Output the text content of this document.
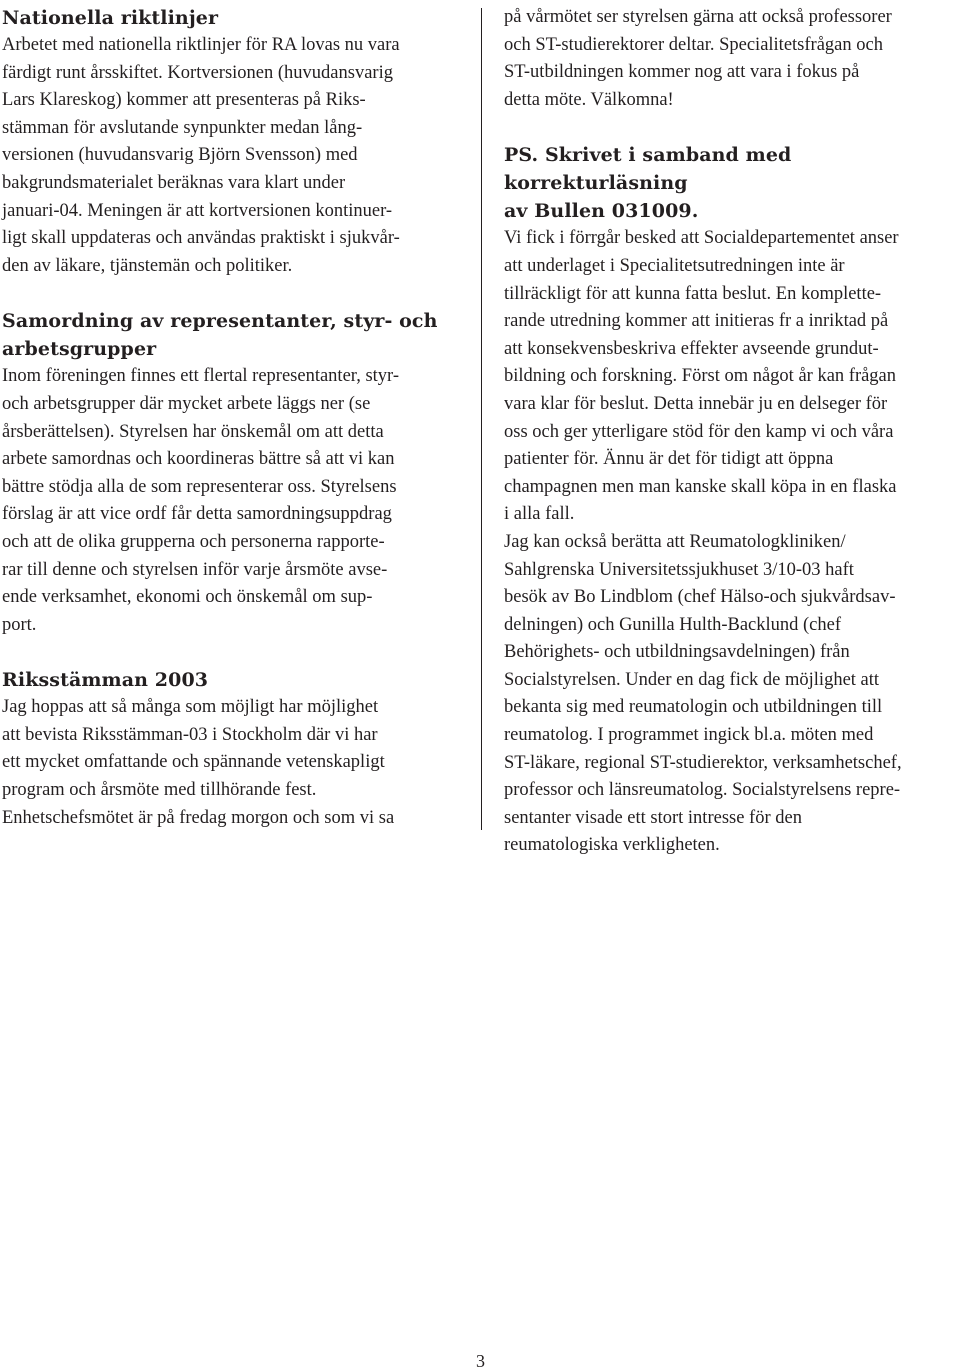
Nationella riktlinjer
Arbetet med nationella riktlinjer för RA lovas nu vara
färdigt runt årsskiftet. Kortversionen (huvudansvarig
Lars Klareskog) kommer att presenteras på Riks-
stämman för avslutande synpunkter medan lång-
versionen (huvudansvarig Björn Svensson) med
bakgrundsmaterialet beräknas vara klart under
januari-04. Meningen är att kortversionen kontinuer-
ligt skall uppdateras och användas praktiskt i sjukvår-
den av läkare, tjänstemän och politiker.
Samordning av representanter, styr- och
arbetsgrupper
Inom föreningen finnes ett flertal representanter, styr-
och arbetsgrupper där mycket arbete läggs ner (se
årsberättelsen). Styrelsen har önskemål om att detta
arbete samordnas och koordineras bättre så att vi kan
bättre stödja alla de som representerar oss. Styrelsens
förslag är att vice ordf får detta samordningsuppdrag
och att de olika grupperna och personerna rapporte-
rar till denne och styrelsen inför varje årsmöte avse-
ende verksamhet, ekonomi och önskemål om sup-
port.
Riksstämman 2003
Jag hoppas att så många som möjligt har möjlighet
att bevista Riksstämman-03 i Stockholm där vi har
ett mycket omfattande och spännande vetenskapligt
program och årsmöte med tillhörande fest.
Enhetschefsmötet är på fredag morgon och som vi sa
på vårmötet ser styrelsen gärna att också professorer
och ST-studierektorer deltar. Specialitetsfrågan och
ST-utbildningen kommer nog att vara i fokus på
detta möte. Välkomna!
PS. Skrivet i samband med korrekturläsning
av Bullen 031009.
Vi fick i förrgår besked att Socialdepartementet anser
att underlaget i Specialitetsutredningen inte är
tillräckligt för att kunna fatta beslut. En komplette-
rande utredning kommer att initieras fr a inriktad på
att konsekvensbeskriva effekter avseende grundut-
bildning och forskning. Först om något år kan frågan
vara klar för beslut. Detta innebär ju en delseger för
oss och ger ytterligare stöd för den kamp vi och våra
patienter för. Ännu är det för tidigt att öppna
champagnen men man kanske skall köpa in en flaska
i alla fall.
Jag kan också berätta att Reumatologkliniken/
Sahlgrenska Universitetssjukhuset 3/10-03 haft
besök av Bo Lindblom (chef Hälso-och sjukvårdsav-
delningen) och Gunilla Hulth-Backlund (chef
Behörighets- och utbildningsavdelningen) från
Socialstyrelsen. Under en dag fick de möjlighet att
bekanta sig med reumatologin och utbildningen till
reumatolog. I programmet ingick bl.a. möten med
ST-läkare, regional ST-studierektor, verksamhetschef,
professor och länsreumatolog. Socialstyrelsens repre-
sentanter visade ett stort intresse för den
reumatologiska verkligheten.
3
